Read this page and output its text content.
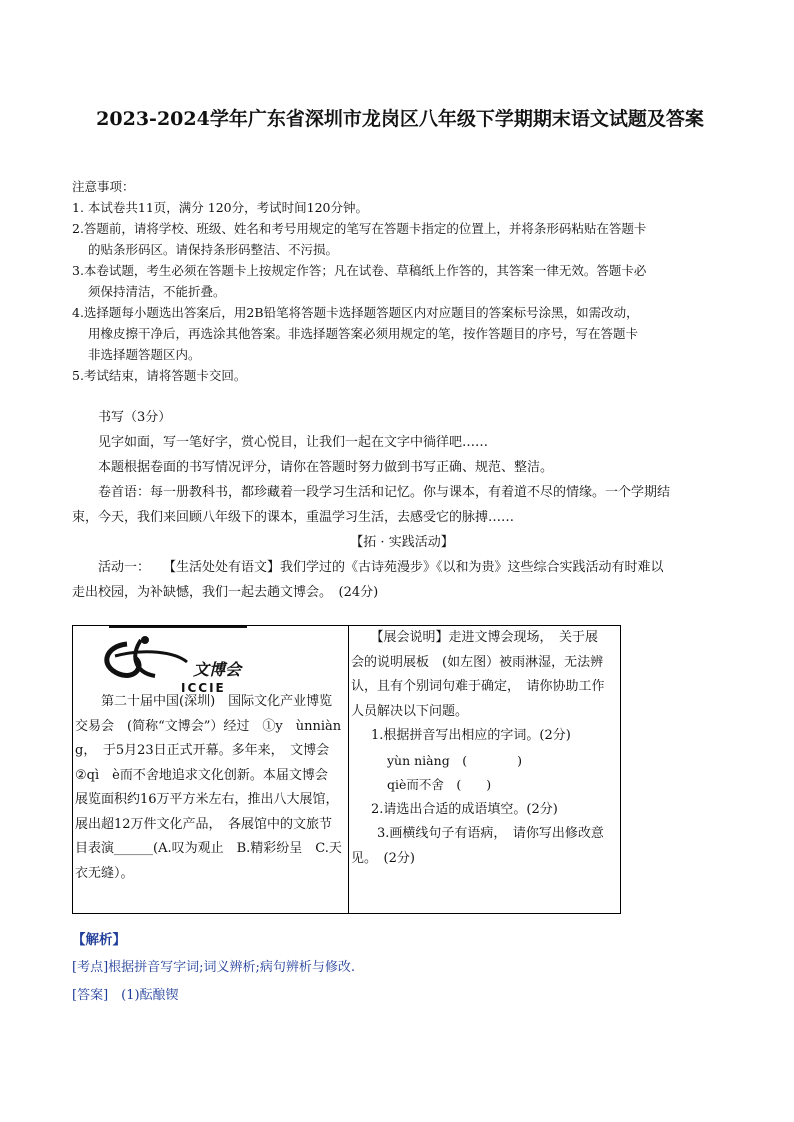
2023-2024学年广东省深圳市龙岗区八年级下学期期末语文试题及答案
注意事项：
1. 本试卷共11页，满分 120分，考试时间120分钟。
2.答题前，请将学校、班级、姓名和考号用规定的笔写在答题卡指定的位置上，并将条形码粘贴在答题卡
的贴条形码区。请保持条形码整洁、不污损。
3.本卷试题，考生必须在答题卡上按规定作答；凡在试卷、草稿纸上作答的，其答案一律无效。答题卡必
须保持清洁，不能折叠。
4.选择题每小题选出答案后，用2B铅笔将答题卡选择题答题区内对应题目的答案标号涂黑，如需改动，
用橡皮擦干净后，再选涂其他答案。非选择题答案必须用规定的笔，按作答题目的序号，写在答题卡
非选择题答题区内。
5.考试结束，请将答题卡交回。
书写（3分）
见字如面，写一笔好字，赏心悦目，让我们一起在文字中徜徉吧……
本题根据卷面的书写情况评分，请你在答题时努力做到书写正确、规范、整洁。
卷首语：每一册教科书，都珍藏着一段学习生活和记忆。你与课本，有着道不尽的情缘。一个学期结
束，今天，我们来回顾八年级下的课本，重温学习生活，去感受它的脉搏……
【拓 · 实践活动】
活动一：　　【生活处处有语文】我们学过的《古诗苑漫步》《以和为贵》这些综合实践活动有时难以
走出校园，为补缺憾，我们一起去趟文博会。　(24分)
文博会
ICCIE
　　第二十届中国(深圳)　国际文化产业博览
交易会　(简称“文博会”）经过　①y　ùnniàn
g，　于5月23日正式开幕。多年来，　文博会
②qì　è而不舍地追求文化创新。本届文博会
展览面积约16万平方米左右，推出八大展馆，
展出超12万件文化产品，　各展馆中的文旅节
目表演______(A.叹为观止　B.精彩纷呈　C.天
衣无缝）。

　　【展会说明】走进文博会现场，　关于展
会的说明展板　(如左图）被雨淋湿，无法辨
认，且有个别词句难于确定，　请你协助工作
人员解决以下问题。
1.根据拼音写出相应的字词。(2分)
yùn niàng　(　　　　)
qiè而不舍　(　　)
2.请选出合适的成语填空。(2分)
　　3.画横线句子有语病，　请你写出修改意
见。　(2分)
【解析】
[考点]根据拼音写字词;词义辨析;病句辨析与修改.
[答案]　(1)酝酿锲
